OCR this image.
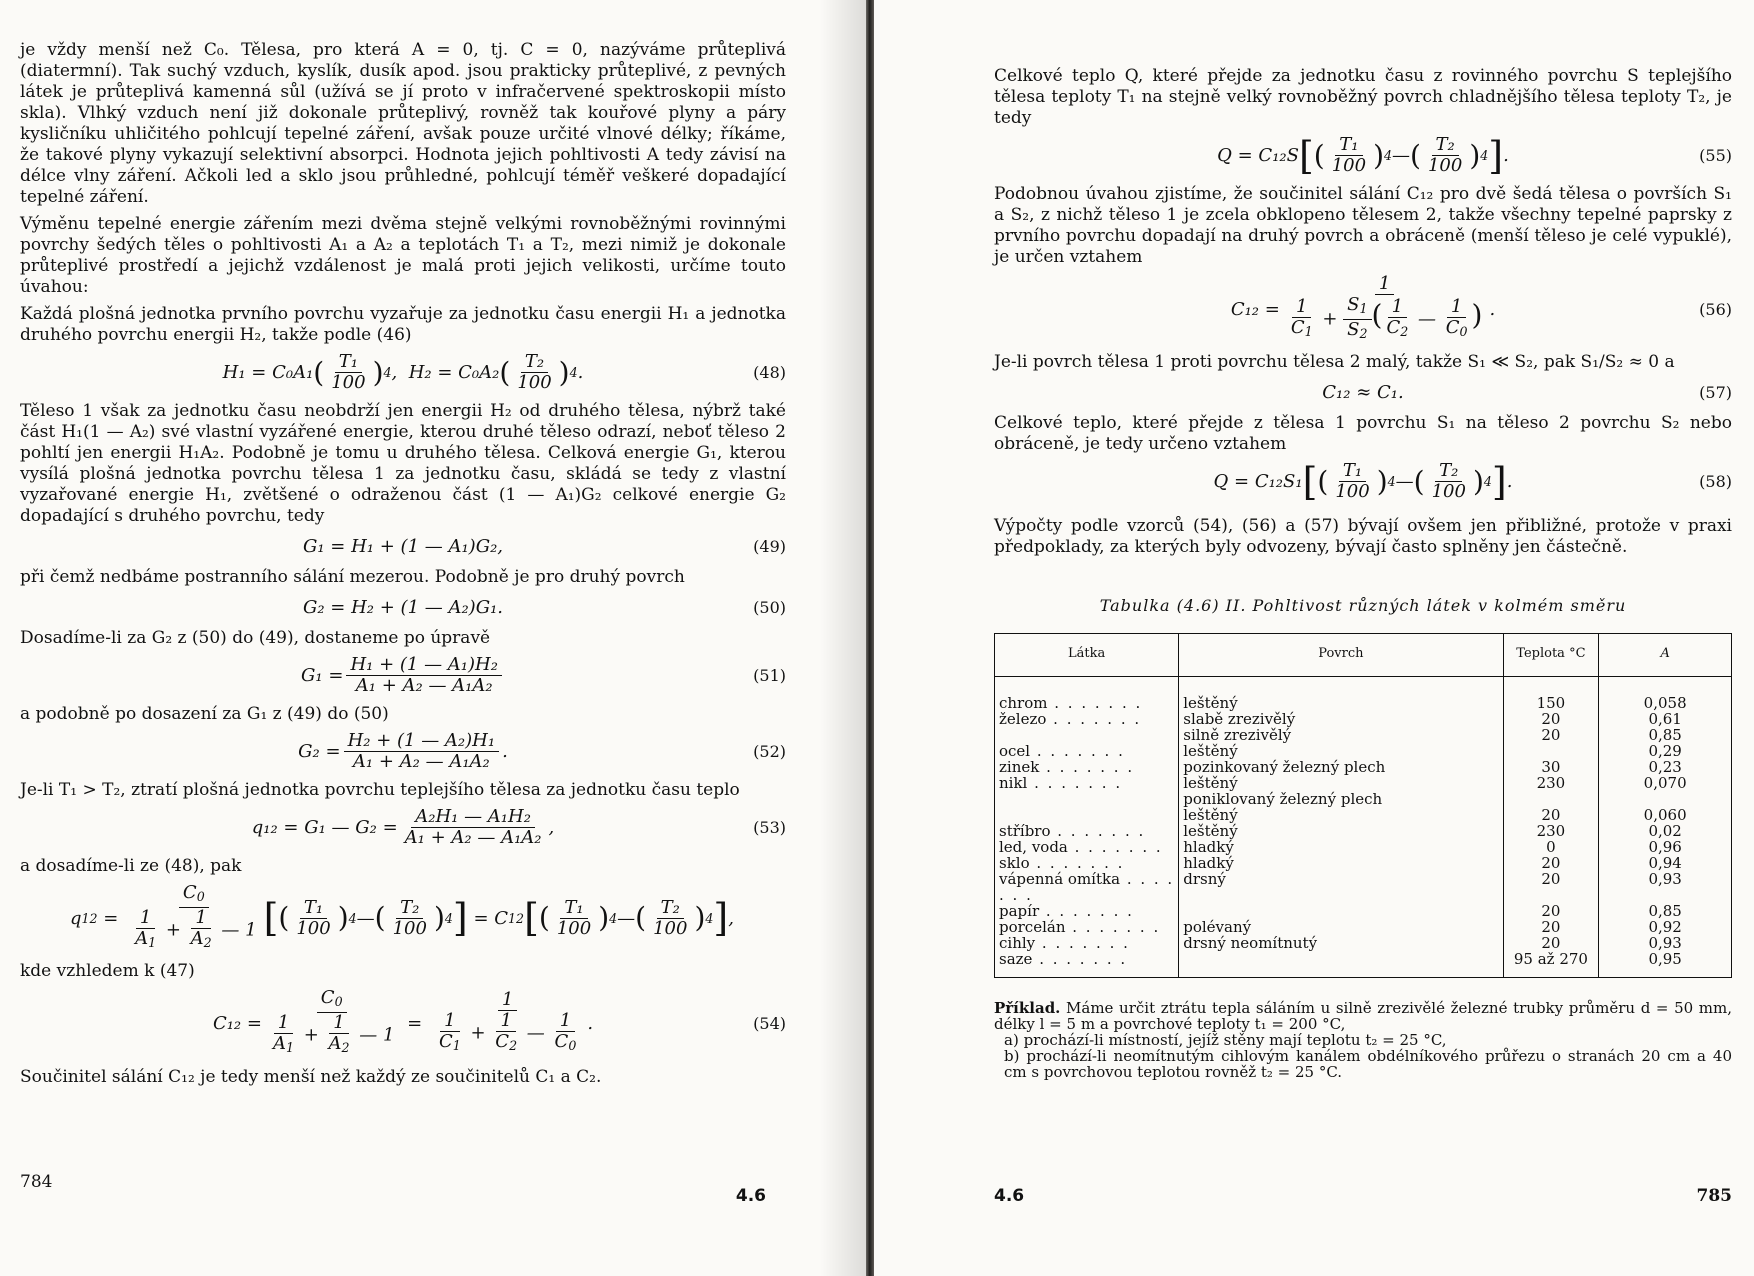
je vždy menší než C₀. Tělesa, pro která A = 0, tj. C = 0, nazýváme průteplivá (diatermní). Tak suchý vzduch, kyslík, dusík apod. jsou prakticky průteplivé, z pevných látek je průteplivá kamenná sůl (užívá se jí proto v infračervené spektroskopii místo skla). Vlhký vzduch není již dokonale průteplivý, rovněž tak kouřové plyny a páry kysličníku uhličitého pohlcují tepelné záření, avšak pouze určité vlnové délky; říkáme, že takové plyny vykazují selektivní absorpci. Hodnota jejich pohltivosti A tedy závisí na délce vlny záření. Ačkoli led a sklo jsou průhledné, pohlcují téměř veškeré dopadající tepelné záření.

Výměnu tepelné energie zářením mezi dvěma stejně velkými rovnoběžnými rovinnými povrchy šedých těles o pohltivosti A₁ a A₂ a teplotách T₁ a T₂, mezi nimiž je dokonale průteplivé prostředí a jejichž vzdálenost je malá proti jejich velikosti, určíme touto úvahou:

Každá plošná jednotka prvního povrchu vyzařuje za jednotku času energii H₁ a jednotka druhého povrchu energii H₂, takže podle (46)

H₁ = C₀A₁ ( $\frac{\text{T₁}}{100}$ ) 4 , H₂ = C₀A₂ ( $\frac{\text{T₂}}{100}$ ) 4 .	(48)

Těleso 1 však za jednotku času neobdrží jen energii H₂ od druhého tělesa, nýbrž také část H₁(1 — A₂) své vlastní vyzářené energie, kterou druhé těleso odrazí, neboť těleso 2 pohltí jen energii H₁A₂. Podobně je tomu u druhého tělesa. Celková energie G₁, kterou vysílá plošná jednotka povrchu tělesa 1 za jednotku času, skládá se tedy z vlastní vyzařované energie H₁, zvětšené o odraženou část (1 — A₁)G₂ celkové energie G₂ dopadající s druhého povrchu, tedy

G₁ = H₁ + (1 — A₁)G₂,	(49)

při čemž nedbáme postranního sálání mezerou. Podobně je pro druhý povrch

G₂ = H₂ + (1 — A₂)G₁.	(50)

Dosadíme-li za G₂ z (50) do (49), dostaneme po úpravě

$G_1 = \frac{\text{H₁ + (1 — A₁)H₂}}{\text{A₁ + A₂ — A₁A₂}}$	(51)

a podobně po dosazení za G₁ z (49) do (50)

$G_2 = \frac{\text{H₂ + (1 — A₂)H₁}}{\text{A₁ + A₂ — A₁A₂}}$ .	(52)

Je-li T₁ > T₂, ztratí plošná jednotka povrchu teplejšího tělesa za jednotku času teplo

q₁₂ = G₁ — $G_2 = \frac{\text{A₂H₁ — A₁H₂}}{\text{A₁ + A₂ — A₁A₂}}$ ,	(53)

a dosadíme-li ze (48), pak

q $12 = \frac{C_0}{\frac{1}{A_1} + \frac{1}{A_2} — 1}$ [ ( $\frac{\text{T₁}}{100}$ ) 4 — ( $\frac{\text{T₂}}{100}$ ) 4 ] = C 12 [ ( $\frac{\text{T₁}}{100}$ ) 4 — ( $\frac{\text{T₂}}{100}$ ) 4 ] ,

kde vzhledem k (47)

$C_{12} = \frac{C_0}{\frac{1}{A_1} + \frac{1}{A_2} — 1} = \frac{1}{\frac{1}{C_1} + \frac{1}{C_2} — \frac{1}{C_0}}$ .	(54)

Součinitel sálání C₁₂ je tedy menší než každý ze součinitelů C₁ a C₂.

784
4.6

Celkové teplo Q, které přejde za jednotku času z rovinného povrchu S teplejšího tělesa teploty T₁ na stejně velký rovnoběžný povrch chladnějšího tělesa teploty T₂, je tedy

Q = C₁₂S [ ( $\frac{\text{T₁}}{100}$ ) 4 — ( $\frac{\text{T₂}}{100}$ ) 4 ] .	(55)

Podobnou úvahou zjistíme, že součinitel sálání C₁₂ pro dvě šedá tělesa o površích S₁ a S₂, z nichž těleso 1 je zcela obklopeno tělesem 2, takže všechny tepelné paprsky z prvního povrchu dopadají na druhý povrch a obráceně (menší těleso je celé vypuklé), je určen vztahem

$C_{12} = \frac{1}{\frac{1}{C_1} + \frac{S_1}{S_2} ( \frac{1}{C_2} — \frac{1}{C_0} )}$ .	(56)

Je-li povrch tělesa 1 proti povrchu tělesa 2 malý, takže S₁ ≪ S₂, pak S₁/S₂ ≈ 0 a

C₁₂ ≈ C₁.	(57)

Celkové teplo, které přejde z tělesa 1 povrchu S₁ na těleso 2 povrchu S₂ nebo obráceně, je tedy určeno vztahem

Q = C₁₂S₁ [ ( $\frac{\text{T₁}}{100}$ ) 4 — ( $\frac{\text{T₂}}{100}$ ) 4 ] .	(58)

Výpočty podle vzorců (54), (56) a (57) bývají ovšem jen přibližné, protože v praxi předpoklady, za kterých byly odvozeny, bývají často splněny jen částečně.

Tabulka (4.6) II. Pohltivost různých látek v kolmém směru
Látka	Povrch	Teplota °C	A
chrom . . . . . . .	leštěný	150	0,058
železo . . . . . . .	slabě zrezivělý	20	0,61
	silně zrezivělý	20	0,85
ocel . . . . . . .	leštěný		0,29
zinek . . . . . . .	pozinkovaný železný plech	30	0,23
nikl . . . . . . .	leštěný	230	0,070
	poniklovaný železný plech		
	leštěný	20	0,060
stříbro . . . . . . .	leštěný	230	0,02
led, voda . . . . . . .	hladký	0	0,96
sklo . . . . . . .	hladký	20	0,94
vápenná omítka . . . . . . .	drsný	20	0,93
papír . . . . . . .		20	0,85
porcelán . . . . . . .	polévaný	20	0,92
cihly . . . . . . .	drsný neomítnutý	20	0,93
saze . . . . . . .		95 až 270	0,95

Příklad. Máme určit ztrátu tepla sáláním u silně zrezivělé železné trubky průměru d = 50 mm, délky l = 5 m a povrchové teploty t₁ = 200 °C,

a) prochází-li místností, jejíž stěny mají teplotu t₂ = 25 °C,

b) prochází-li neomítnutým cihlovým kanálem obdélníkového průřezu o stranách 20 cm a 40 cm s povrchovou teplotou rovněž t₂ = 25 °C.

4.6	785
